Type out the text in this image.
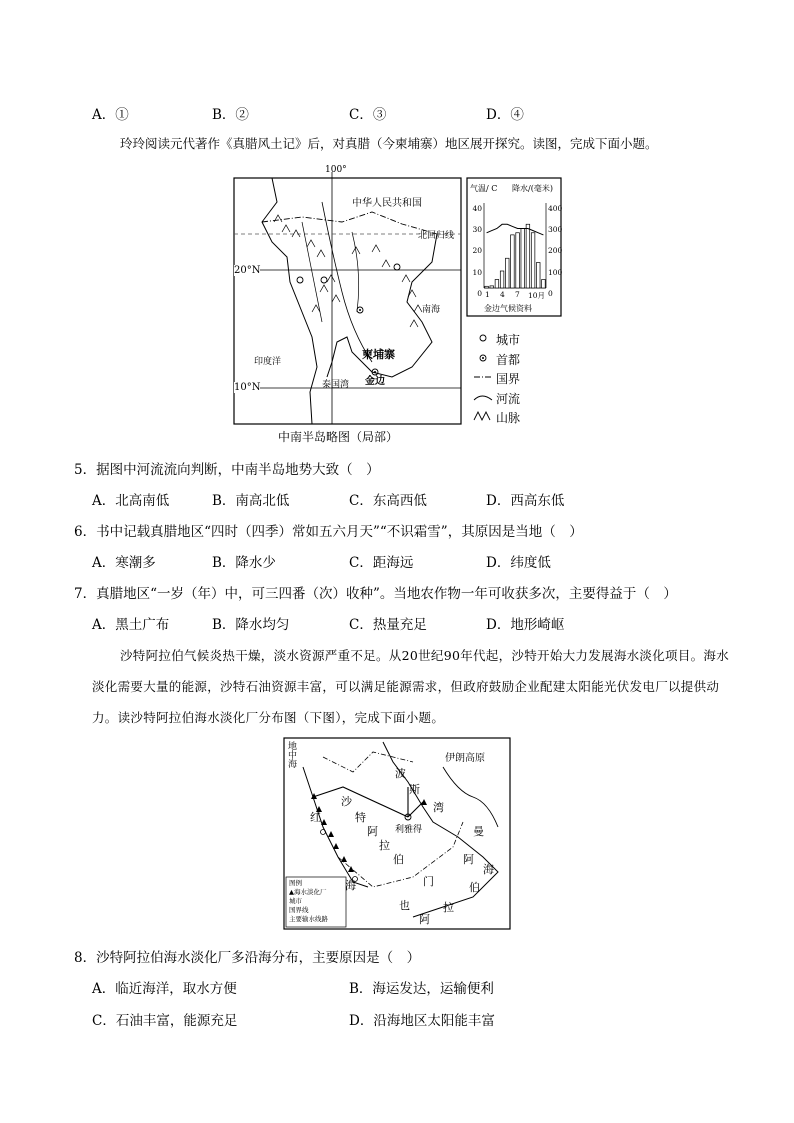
A．①	B．②	C．③	D．④
玲玲阅读元代著作《真腊风土记》后，对真腊（今柬埔寨）地区展开探究。读图，完成下面小题。
100°
中华人民共和国
北回归线
20°N
南海
印度洋
柬埔寨
泰国湾 金边
10°N
中南半岛略图（局部）
气温/ C 降水/(毫米)
40
30
20
10
0
400
300
200
100
0
1 4 7 10月
金边气候资料
城市
首都
国界
河流
山脉
5．据图中河流流向判断，中南半岛地势大致（　）
A．北高南低	B．南高北低	C．东高西低	D．西高东低
6．书中记载真腊地区“四时（四季）常如五六月天”“不识霜雪”，其原因是当地（　）
A．寒潮多	B．降水少	C．距海远	D．纬度低
7．真腊地区“一岁（年）中，可三四番（次）收种”。当地农作物一年可收获多次，主要得益于（　）
A．黑土广布	B．降水均匀	C．热量充足	D．地形崎岖
沙特阿拉伯气候炎热干燥，淡水资源严重不足。从20世纪90年代起，沙特开始大力发展海水淡化项目。海水淡化需要大量的能源，沙特石油资源丰富，可以满足能源需求，但政府鼓励企业配建太阳能光伏发电厂以提供动力。读沙特阿拉伯海水淡化厂分布图（下图），完成下面小题。
地中海	伊朗高原
波
斯
湾
沙
特
阿
拉
伯
利雅得
红
海
曼
阿
海
伯
门
也	拉
阿
图例
▲海水淡化厂
城市
国界线
主要输水线路
8．沙特阿拉伯海水淡化厂多沿海分布，主要原因是（　）
A．临近海洋，取水方便	B．海运发达，运输便利
C．石油丰富，能源充足	D．沿海地区太阳能丰富
